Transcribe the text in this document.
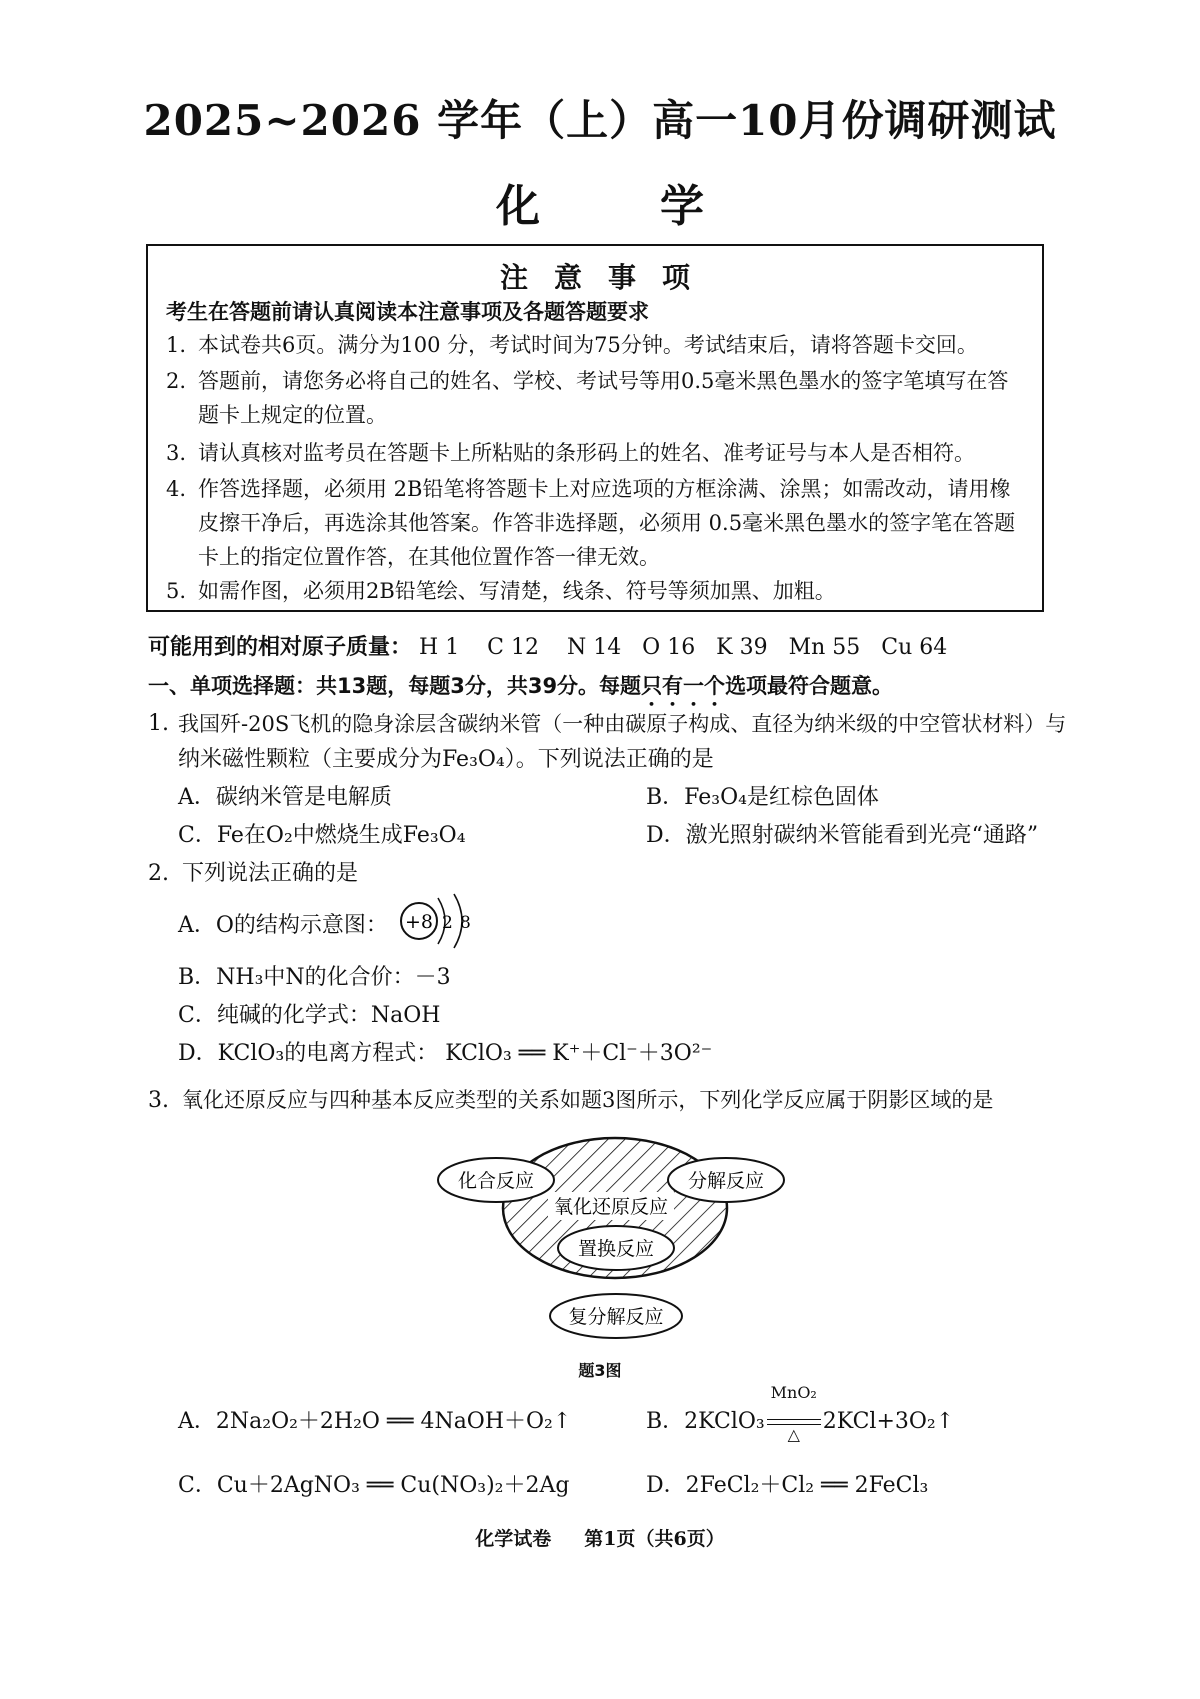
2025~2026 学年（上）高一10月份调研测试
化学
注意事项
考生在答题前请认真阅读本注意事项及各题答题要求
1. 本试卷共6页。满分为100 分，考试时间为75分钟。考试结束后，请将答题卡交回。
2. 答题前，请您务必将自己的姓名、学校、考试号等用0.5毫米黑色墨水的签字笔填写在答题卡上规定的位置。
3. 请认真核对监考员在答题卡上所粘贴的条形码上的姓名、准考证号与本人是否相符。
4. 作答选择题，必须用 2B铅笔将答题卡上对应选项的方框涂满、涂黑；如需改动，请用橡皮擦干净后，再选涂其他答案。作答非选择题，必须用 0.5毫米黑色墨水的签字笔在答题卡上的指定位置作答，在其他位置作答一律无效。
5. 如需作图，必须用2B铅笔绘、写清楚，线条、符号等须加黑、加粗。
可能用到的相对原子质量： H 1    C 12    N 14   O 16   K 39   Mn 55   Cu 64
一、单项选择题：共13题，每题3分，共39分。每题只有一个选项最符合题意。
1. 我国歼-20S飞机的隐身涂层含碳纳米管（一种由碳原子构成、直径为纳米级的中空管状材料）与
纳米磁性颗粒（主要成分为Fe₃O₄）。下列说法正确的是
A．碳纳米管是电解质	B．Fe₃O₄是红棕色固体
C．Fe在O₂中燃烧生成Fe₃O₄	D．激光照射碳纳米管能看到光亮“通路”
2. 下列说法正确的是
A．O的结构示意图： +8 2 8
B．NH₃中N的化合价：－3
C．纯碱的化学式：NaOH
D．KClO₃的电离方程式： KClO₃ ══ K⁺＋Cl⁻＋3O²⁻
3. 氧化还原反应与四种基本反应类型的关系如题3图所示，下列化学反应属于阴影区域的是
氧化还原反应
化合反应	分解反应
置换反应
复分解反应
题3图
A．2Na₂O₂＋2H₂O ══ 4NaOH＋O₂↑	B．2KClO₃
MnO₂
△
2KCl+3O₂↑
C．Cu＋2AgNO₃ ══ Cu(NO₃)₂＋2Ag	D．2FeCl₂＋Cl₂ ══ 2FeCl₃
化学试卷     第1页（共6页）
